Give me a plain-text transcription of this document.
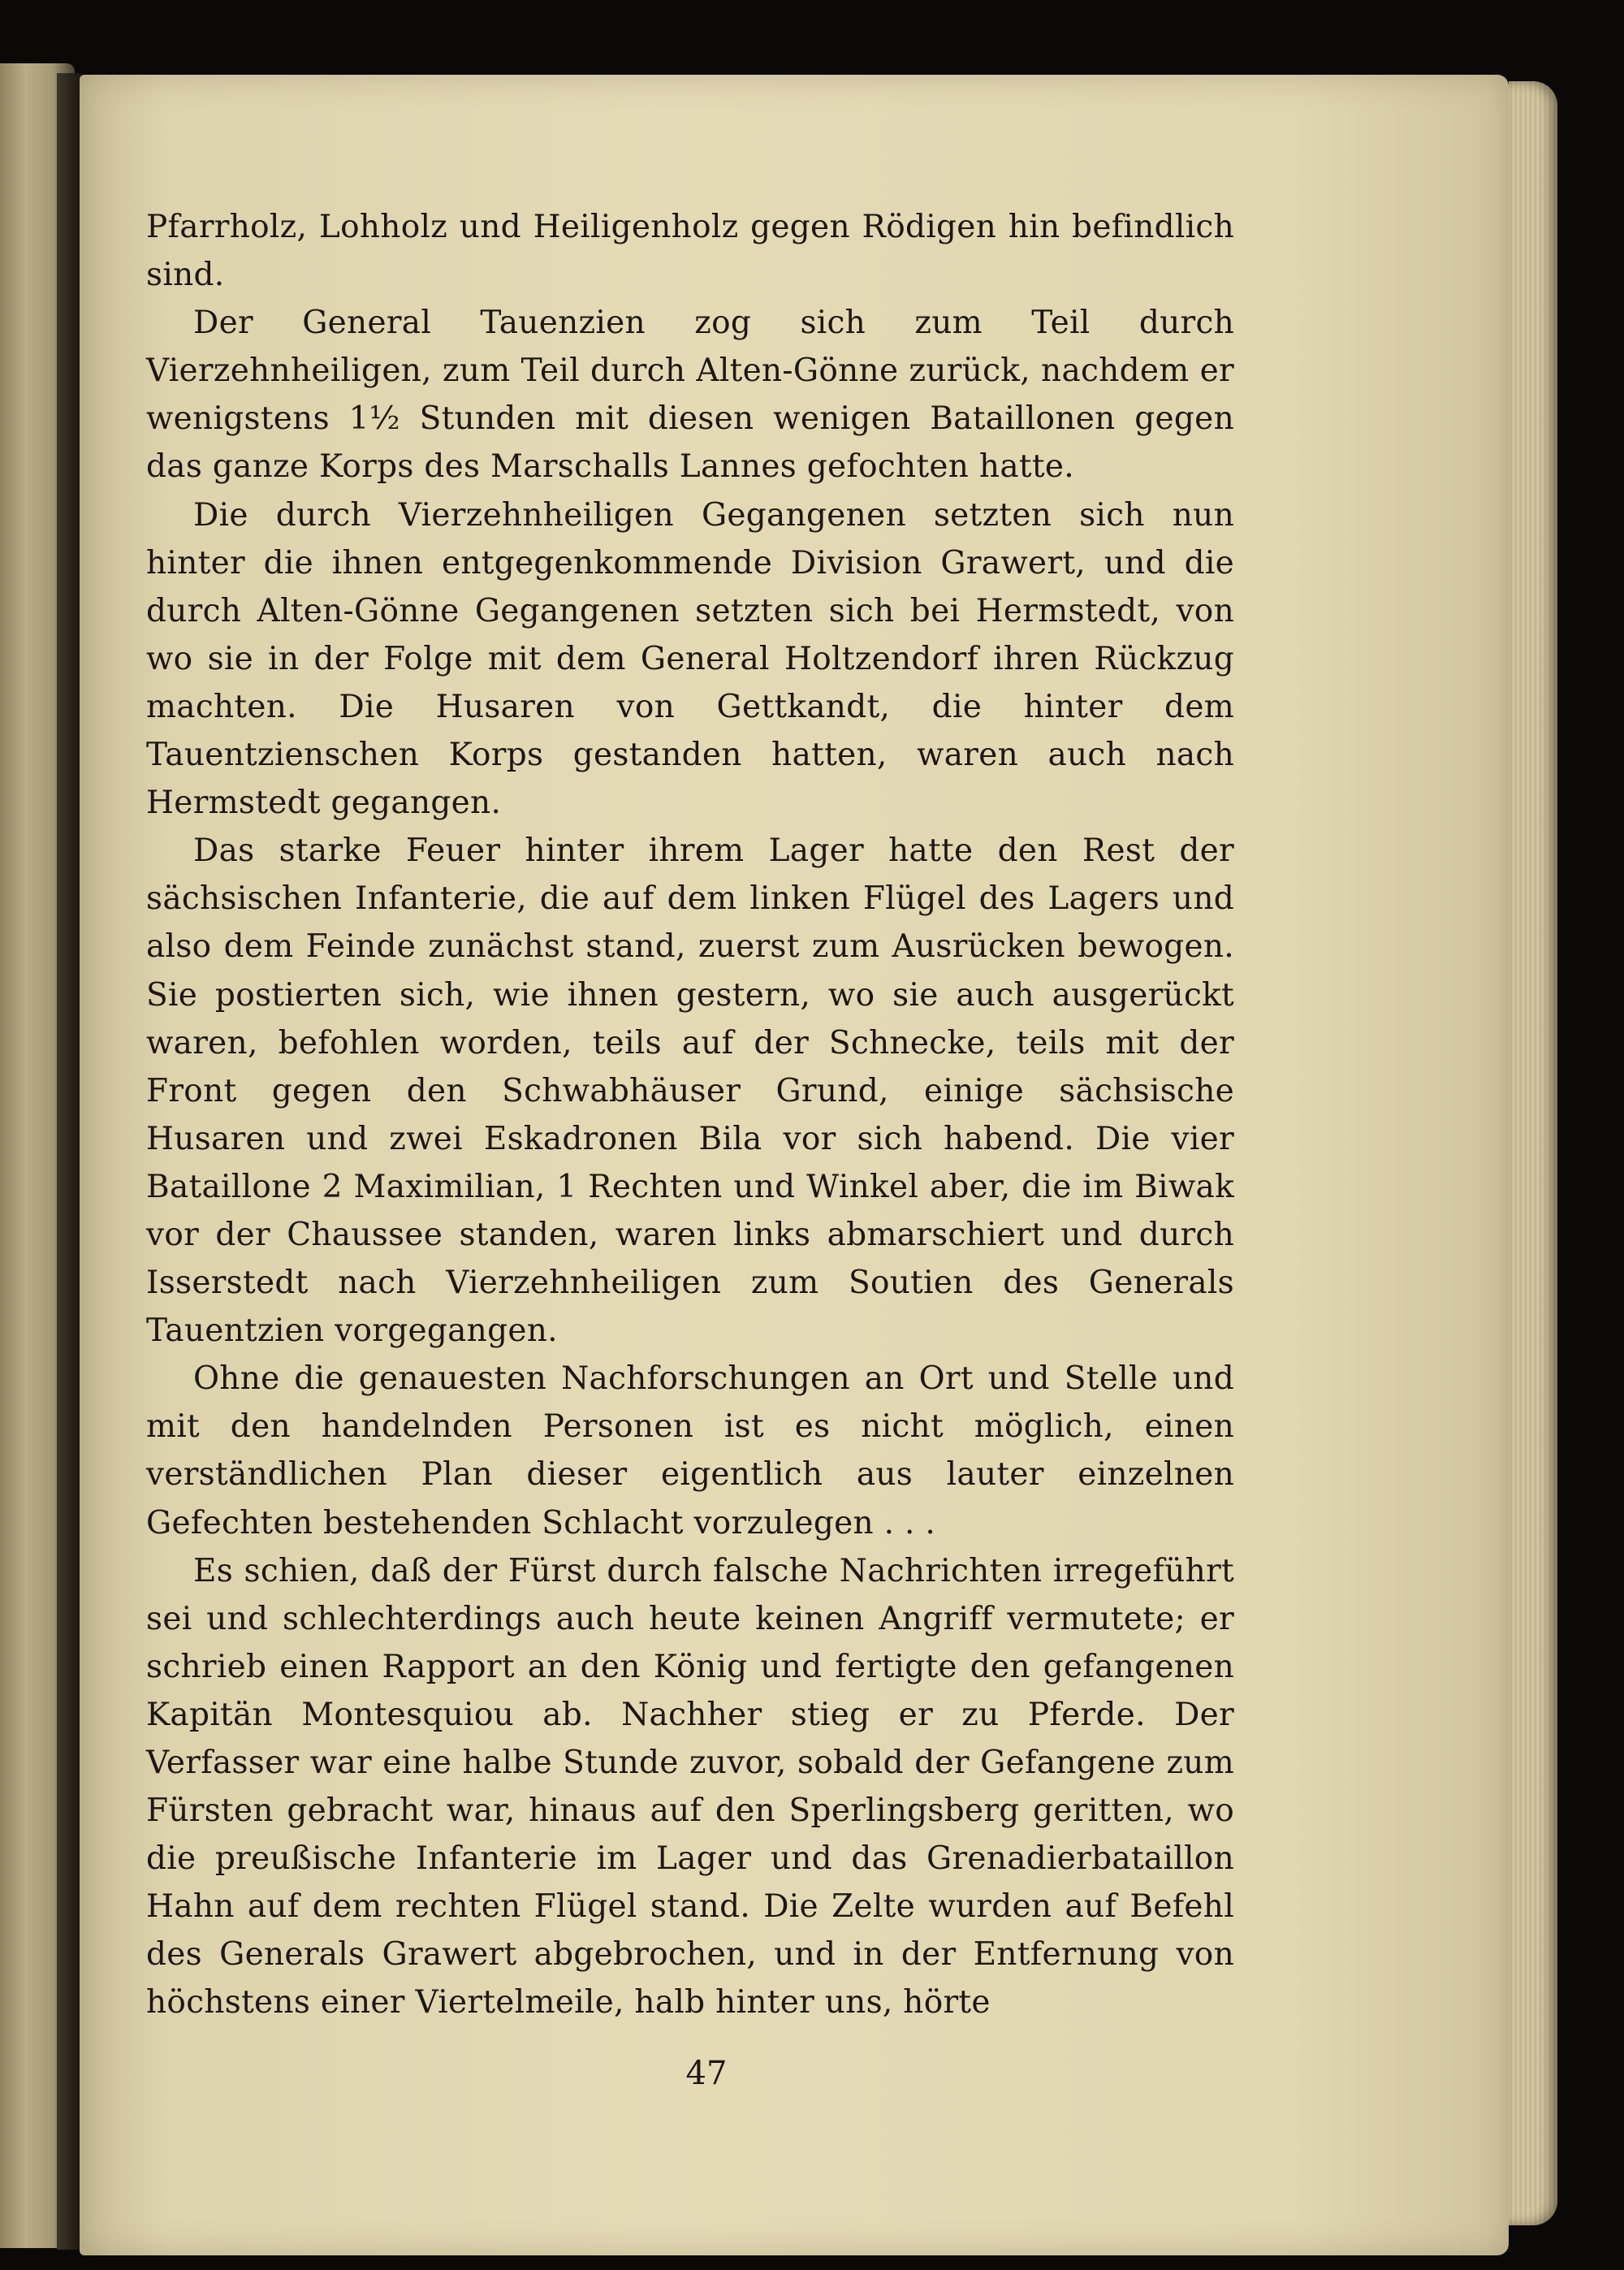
Pfarrholz, Lohholz und Heiligenholz gegen Rödigen hin befindlich sind.

Der General Tauenzien zog sich zum Teil durch Vierzehnheiligen, zum Teil durch Alten-Gönne zurück, nachdem er wenigstens 1½ Stunden mit diesen wenigen Bataillonen gegen das ganze Korps des Marschalls Lannes gefochten hatte.

Die durch Vierzehnheiligen Gegangenen setzten sich nun hinter die ihnen entgegenkommende Division Grawert, und die durch Alten-Gönne Gegangenen setzten sich bei Hermstedt, von wo sie in der Folge mit dem General Holtzendorf ihren Rückzug machten. Die Husaren von Gettkandt, die hinter dem Tauentzienschen Korps gestanden hatten, waren auch nach Hermstedt gegangen.

Das starke Feuer hinter ihrem Lager hatte den Rest der sächsischen Infanterie, die auf dem linken Flügel des Lagers und also dem Feinde zunächst stand, zuerst zum Ausrücken bewogen. Sie postierten sich, wie ihnen gestern, wo sie auch ausgerückt waren, befohlen worden, teils auf der Schnecke, teils mit der Front gegen den Schwabhäuser Grund, einige sächsische Husaren und zwei Eskadronen Bila vor sich habend. Die vier Bataillone 2 Maximilian, 1 Rechten und Winkel aber, die im Biwak vor der Chaussee standen, waren links abmarschiert und durch Isserstedt nach Vierzehnheiligen zum Soutien des Generals Tauentzien vorgegangen.

Ohne die genauesten Nachforschungen an Ort und Stelle und mit den handelnden Personen ist es nicht möglich, einen verständlichen Plan dieser eigentlich aus lauter einzelnen Gefechten bestehenden Schlacht vorzulegen . . .

Es schien, daß der Fürst durch falsche Nachrichten irregeführt sei und schlechterdings auch heute keinen Angriff vermutete; er schrieb einen Rapport an den König und fertigte den gefangenen Kapitän Montesquiou ab. Nachher stieg er zu Pferde. Der Verfasser war eine halbe Stunde zuvor, sobald der Gefangene zum Fürsten gebracht war, hinaus auf den Sperlingsberg geritten, wo die preußische Infanterie im Lager und das Grenadierbataillon Hahn auf dem rechten Flügel stand. Die Zelte wurden auf Befehl des Generals Grawert abgebrochen, und in der Entfernung von höchstens einer Viertelmeile, halb hinter uns, hörte

47
